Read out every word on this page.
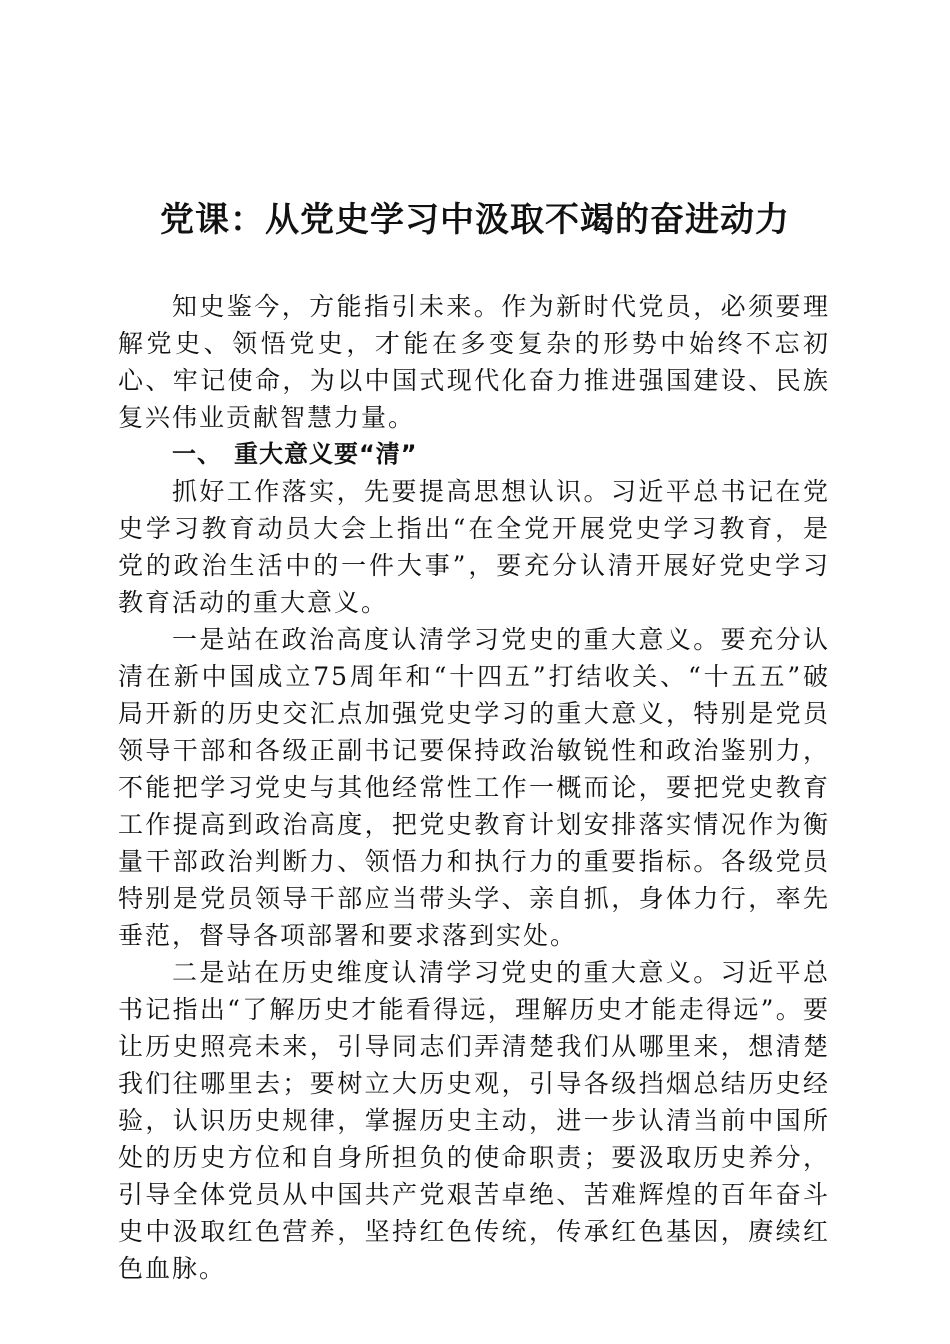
党课：从党史学习中汲取不竭的奋进动力

知史鉴今，方能指引未来。作为新时代党员，必须要理解党史、领悟党史，才能在多变复杂的形势中始终不忘初心、牢记使命，为以中国式现代化奋力推进强国建设、民族复兴伟业贡献智慧力量。

一、 重大意义要“清”

抓好工作落实，先要提高思想认识。习近平总书记在党史学习教育动员大会上指出“在全党开展党史学习教育，是党的政治生活中的一件大事”，要充分认清开展好党史学习教育活动的重大意义。

一是站在政治高度认清学习党史的重大意义。要充分认清在新中国成立75周年和“十四五”打结收关、“十五五”破局开新的历史交汇点加强党史学习的重大意义，特别是党员领导干部和各级正副书记要保持政治敏锐性和政治鉴别力，不能把学习党史与其他经常性工作一概而论，要把党史教育工作提高到政治高度，把党史教育计划安排落实情况作为衡量干部政治判断力、领悟力和执行力的重要指标。各级党员特别是党员领导干部应当带头学、亲自抓，身体力行，率先垂范，督导各项部署和要求落到实处。

二是站在历史维度认清学习党史的重大意义。习近平总书记指出“了解历史才能看得远，理解历史才能走得远”。要让历史照亮未来，引导同志们弄清楚我们从哪里来，想清楚我们往哪里去；要树立大历史观，引导各级挡烟总结历史经验，认识历史规律，掌握历史主动，进一步认清当前中国所处的历史方位和自身所担负的使命职责；要汲取历史养分，引导全体党员从中国共产党艰苦卓绝、苦难辉煌的百年奋斗史中汲取红色营养，坚持红色传统，传承红色基因，赓续红色血脉。
